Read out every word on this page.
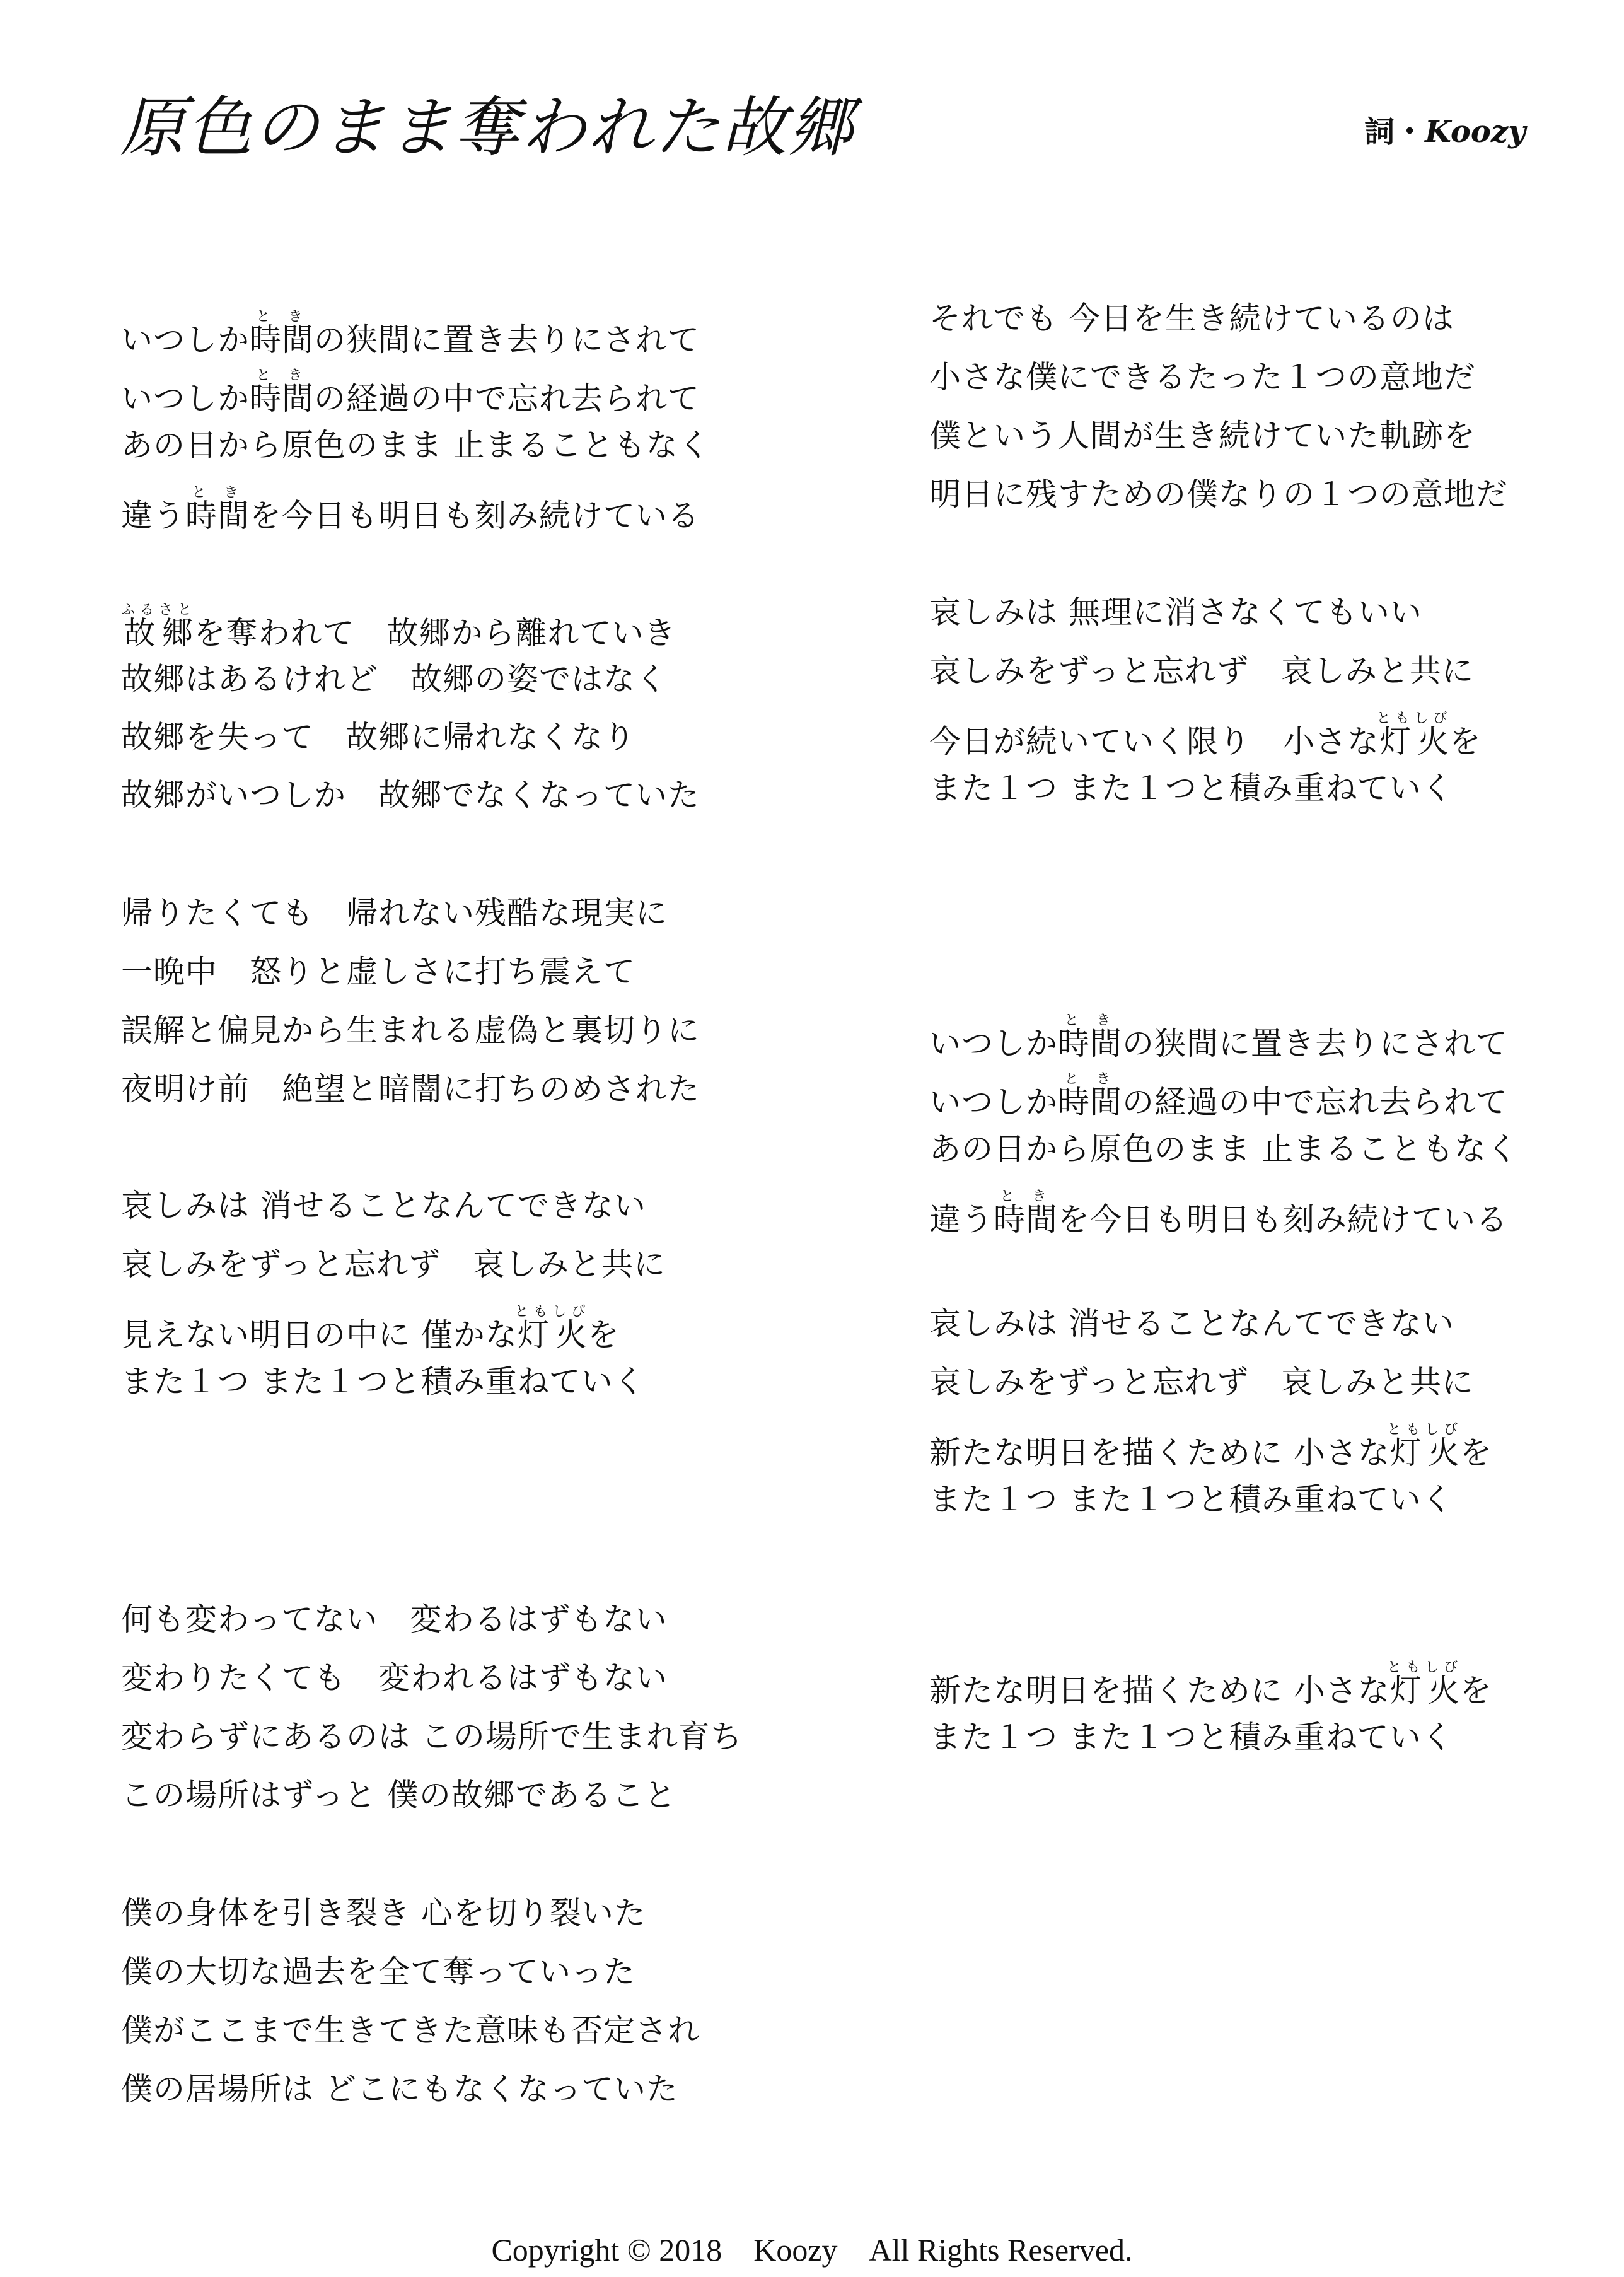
原色のまま奪われた故郷	詞・Koozy
いつしか時間ときの狭間に置き去りにされて
いつしか時間ときの経過の中で忘れ去られて
あの日から原色のまま 止まることもなく
違う時間ときを今日も明日も刻み続けている
故郷ふるさとを奪われて　故郷から離れていき
故郷はあるけれど　故郷の姿ではなく
故郷を失って　故郷に帰れなくなり
故郷がいつしか　故郷でなくなっていた
帰りたくても　帰れない残酷な現実に
一晩中　怒りと虚しさに打ち震えて
誤解と偏見から生まれる虚偽と裏切りに
夜明け前　絶望と暗闇に打ちのめされた
哀しみは 消せることなんてできない
哀しみをずっと忘れず　哀しみと共に
見えない明日の中に 僅かな灯火ともしびを
また１つ また１つと積み重ねていく
何も変わってない　変わるはずもない
変わりたくても　変われるはずもない
変わらずにあるのは この場所で生まれ育ち
この場所はずっと 僕の故郷であること
僕の身体を引き裂き 心を切り裂いた
僕の大切な過去を全て奪っていった
僕がここまで生きてきた意味も否定され
僕の居場所は どこにもなくなっていた
それでも 今日を生き続けているのは
小さな僕にできるたった１つの意地だ
僕という人間が生き続けていた軌跡を
明日に残すための僕なりの１つの意地だ
哀しみは 無理に消さなくてもいい
哀しみをずっと忘れず　哀しみと共に
今日が続いていく限り　小さな灯火ともしびを
また１つ また１つと積み重ねていく
いつしか時間ときの狭間に置き去りにされて
いつしか時間ときの経過の中で忘れ去られて
あの日から原色のまま 止まることもなく
違う時間ときを今日も明日も刻み続けている
哀しみは 消せることなんてできない
哀しみをずっと忘れず　哀しみと共に
新たな明日を描くために 小さな灯火ともしびを
また１つ また１つと積み重ねていく
新たな明日を描くために 小さな灯火ともしびを
また１つ また１つと積み重ねていく
Copyright © 2018　Koozy　All Rights Reserved.
